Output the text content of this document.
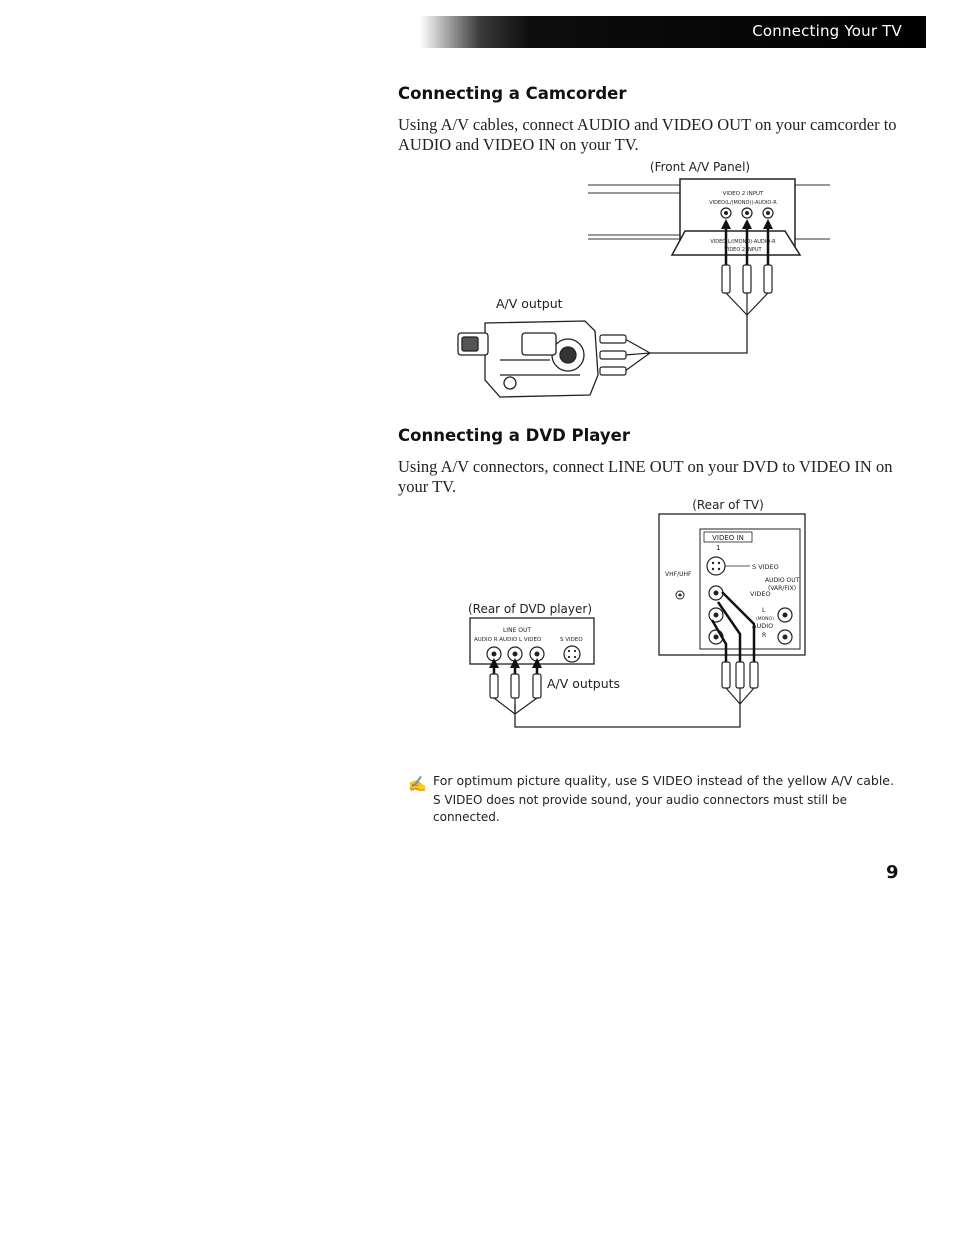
Connecting Your TV
Connecting a Camcorder

Using A/V cables, connect AUDIO and VIDEO OUT on your camcorder to AUDIO and VIDEO IN on your TV.

(Front A/V Panel)
VIDEO 2 INPUT
VIDEO(L/(MONO))-AUDIO-R
VIDEO L/(MONO)-AUDIO-R
VIDEO 2 INPUT
A/V output
Connecting a DVD Player

Using A/V connectors, connect LINE OUT on your DVD to VIDEO IN on your TV.

(Rear of TV)
VIDEO IN
1
VHF/UHF
S VIDEO
AUDIO OUT
(VAR/FIX)
VIDEO
L
(MONO)
AUDIO
R
(Rear of DVD player)
LINE OUT
AUDIO R AUDIO L VIDEO	S VIDEO
A/V outputs
✍ For optimum picture quality, use S VIDEO instead of the yellow A/V cable.
S VIDEO does not provide sound, your audio connectors must still be connected.
9
